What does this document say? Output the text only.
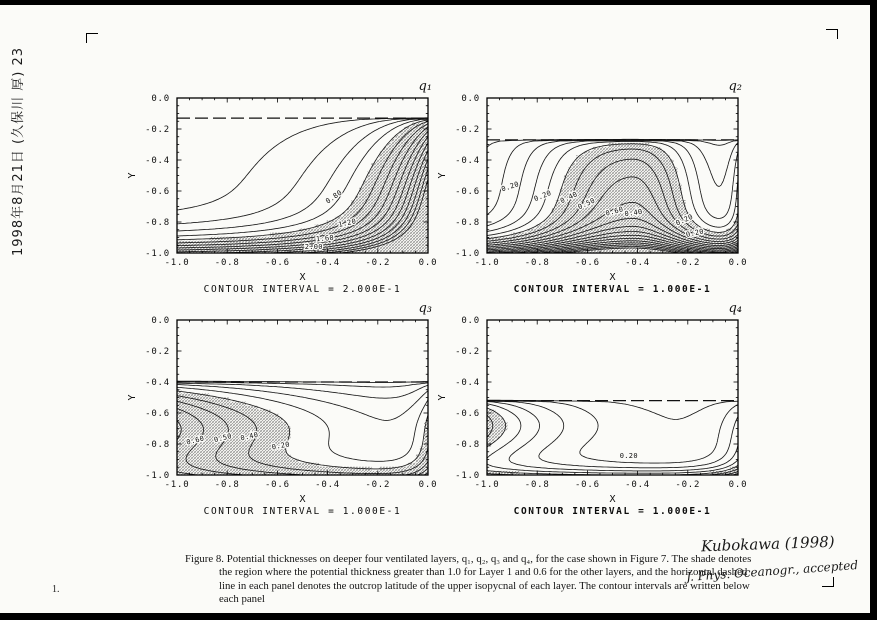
1998年8月21日 (久保川 厚) 23	q₁
-1.0	-0.8	-0.6	-0.4	-0.2	0.0
0.0
-0.2
-0.4
-0.6
-0.8
-1.0
X
Y
0.80
1.20
1.60
2.00
CONTOUR INTERVAL = 2.000E-1
q₂
-1.0	-0.8	-0.6	-0.4	-0.2	0.0
0.0
-0.2
-0.4
-0.6
-0.8
-1.0
X
Y
0.20
0.20 0.40
0.50
0.60 0.40	0.20
0.20
CONTOUR INTERVAL = 1.000E-1
q₃
-1.0	-0.8	-0.6	-0.4	-0.2	0.0
0.0
-0.2
-0.4
-0.6
-0.8
-1.0
X
Y
0.60 0.50 0.40
0.20
CONTOUR INTERVAL = 1.000E-1
q₄
-1.0	-0.8	-0.6	-0.4	-0.2	0.0
0.0
-0.2
-0.4
-0.6
-0.8
-1.0
X
Y
0.20
CONTOUR INTERVAL = 1.000E-1
Figure 8. Potential thicknesses on deeper four ventilated layers, q₁, q₂, q₃ and q₄, for the case shown in Figure 7. The shade denotes the region where the potential thickness greater than 1.0 for Layer 1 and 0.6 for the other layers, and the horizontal dashed line in each panel denotes the outcrop latitude of the upper isopycnal of each layer. The contour intervals are written below each panel
Kubokawa (1998)
J. Phys. Oceanogr., accepted
1.
